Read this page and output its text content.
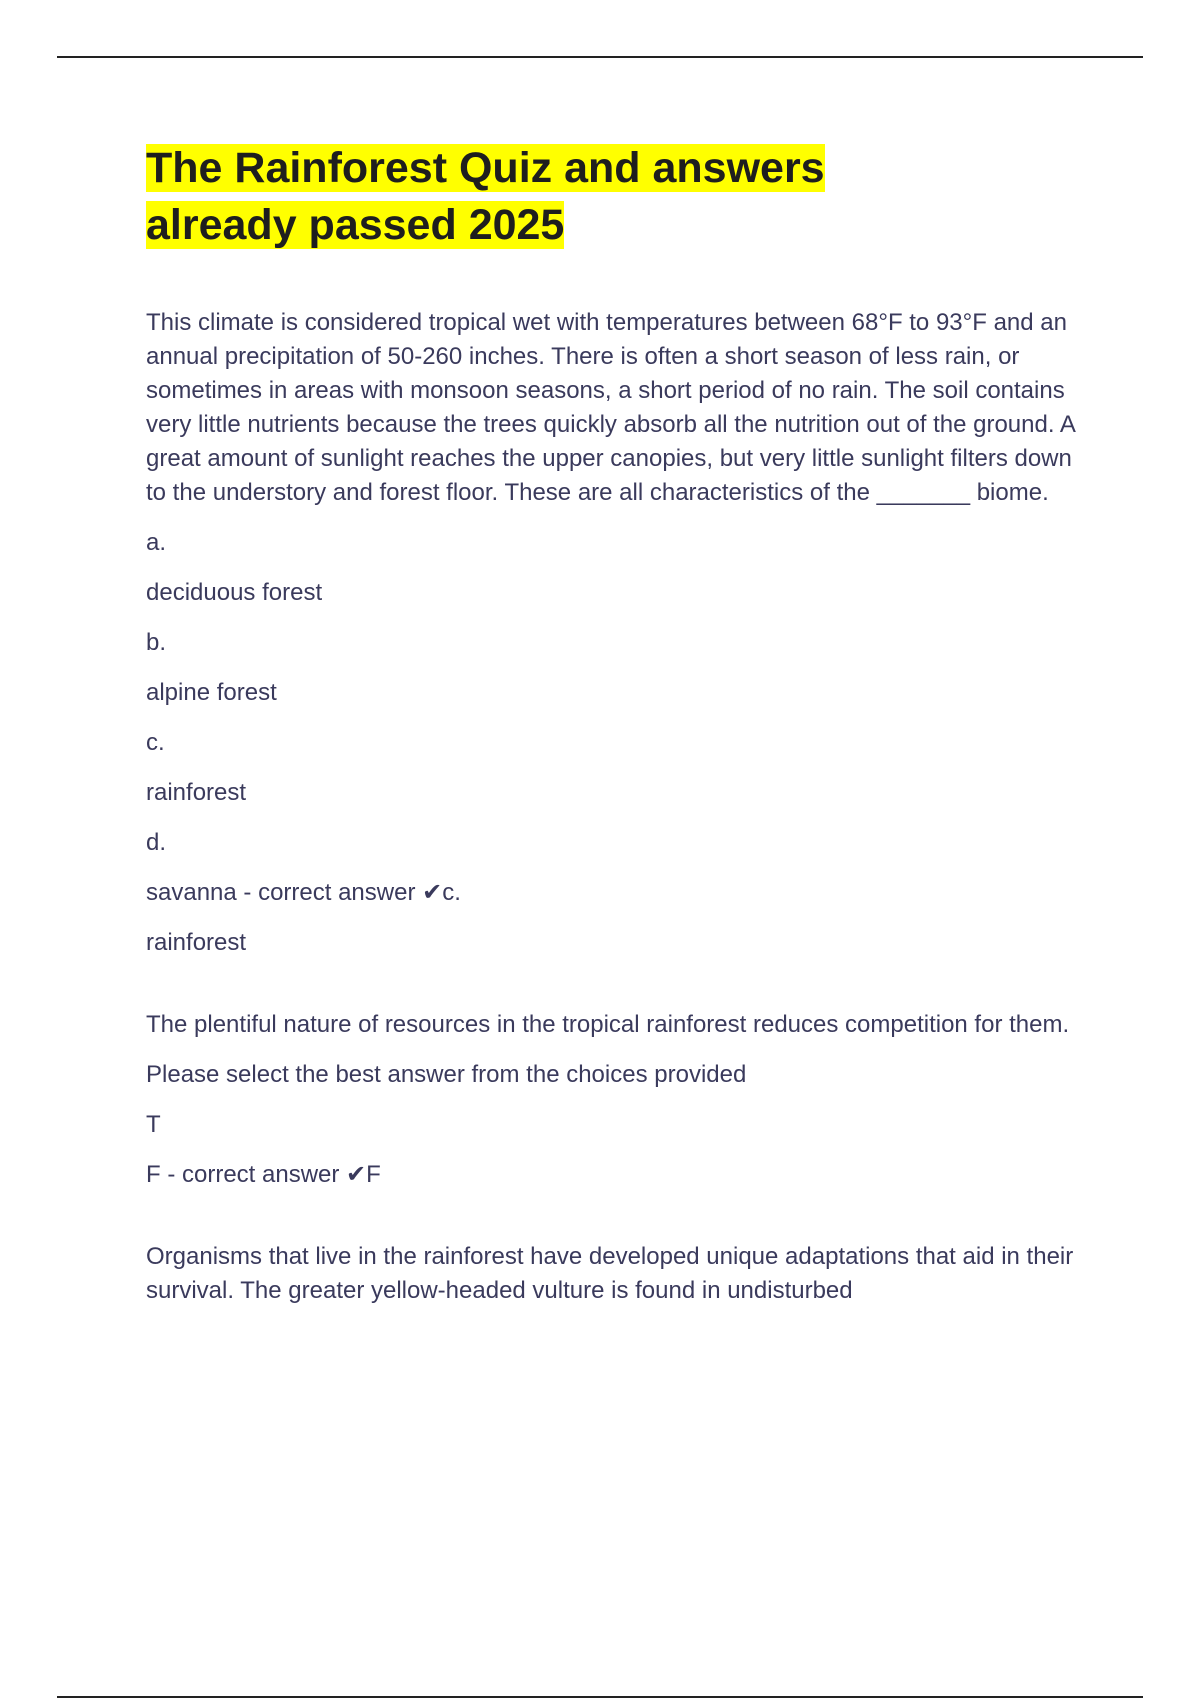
The Rainforest Quiz and answers
already passed 2025

This climate is considered tropical wet with temperatures between 68°F to 93°F and an annual precipitation of 50-260 inches. There is often a short season of less rain, or sometimes in areas with monsoon seasons, a short period of no rain. The soil contains very little nutrients because the trees quickly absorb all the nutrition out of the ground. A great amount of sunlight reaches the upper canopies, but very little sunlight filters down to the understory and forest floor. These are all characteristics of the _______ biome.

a.

deciduous forest

b.

alpine forest

c.

rainforest

d.

savanna - correct answer ✔c.

rainforest

The plentiful nature of resources in the tropical rainforest reduces competition for them.

Please select the best answer from the choices provided

T

F - correct answer ✔F

Organisms that live in the rainforest have developed unique adaptations that aid in their survival. The greater yellow-headed vulture is found in undisturbed
